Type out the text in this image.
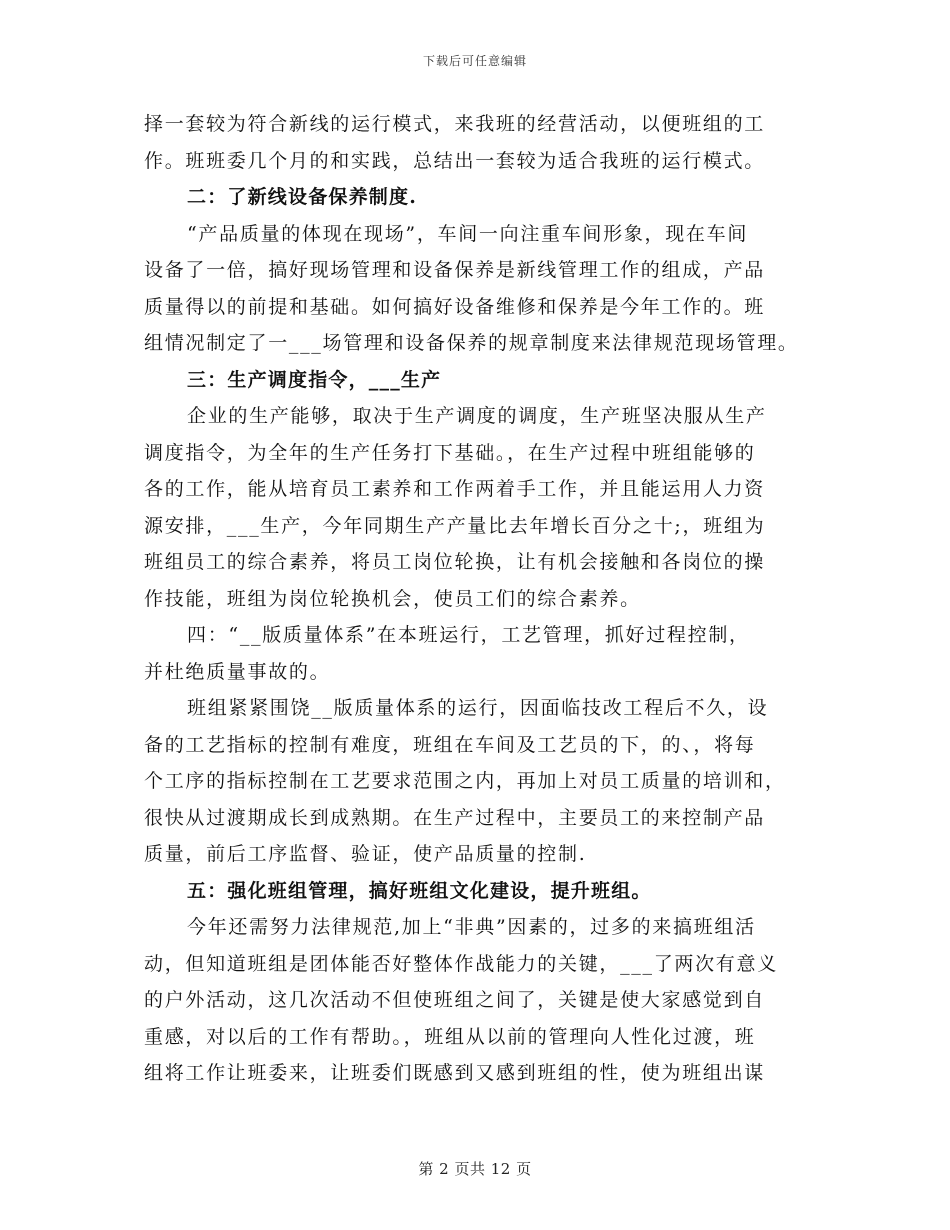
下载后可任意编辑
择一套较为符合新线的运行模式，来我班的经营活动，以便班组的工
作。班班委几个月的和实践，总结出一套较为适合我班的运行模式。
二：了新线设备保养制度.
“产品质量的体现在现场”，车间一向注重车间形象，现在车间
设备了一倍，搞好现场管理和设备保养是新线管理工作的组成，产品
质量得以的前提和基础。如何搞好设备维修和保养是今年工作的。班
组情况制定了一___场管理和设备保养的规章制度来法律规范现场管理。
三：生产调度指令，___生产
企业的生产能够，取决于生产调度的调度，生产班坚决服从生产
调度指令，为全年的生产任务打下基础。，在生产过程中班组能够的
各的工作，能从培育员工素养和工作两着手工作，并且能运用人力资
源安排，___生产，今年同期生产产量比去年增长百分之十;，班组为
班组员工的综合素养，将员工岗位轮换，让有机会接触和各岗位的操
作技能，班组为岗位轮换机会，使员工们的综合素养。
四：“__版质量体系”在本班运行，工艺管理，抓好过程控制，
并杜绝质量事故的。
班组紧紧围饶__版质量体系的运行，因面临技改工程后不久，设
备的工艺指标的控制有难度，班组在车间及工艺员的下，的、，将每
个工序的指标控制在工艺要求范围之内，再加上对员工质量的培训和，
很快从过渡期成长到成熟期。在生产过程中，主要员工的来控制产品
质量，前后工序监督、验证，使产品质量的控制.
五：强化班组管理，搞好班组文化建设，提升班组。
今年还需努力法律规范,加上“非典”因素的，过多的来搞班组活
动，但知道班组是团体能否好整体作战能力的关键，___了两次有意义
的户外活动，这几次活动不但使班组之间了，关键是使大家感觉到自
重感，对以后的工作有帮助。，班组从以前的管理向人性化过渡，班
组将工作让班委来，让班委们既感到又感到班组的性，使为班组出谋
第 2 页共 12 页
